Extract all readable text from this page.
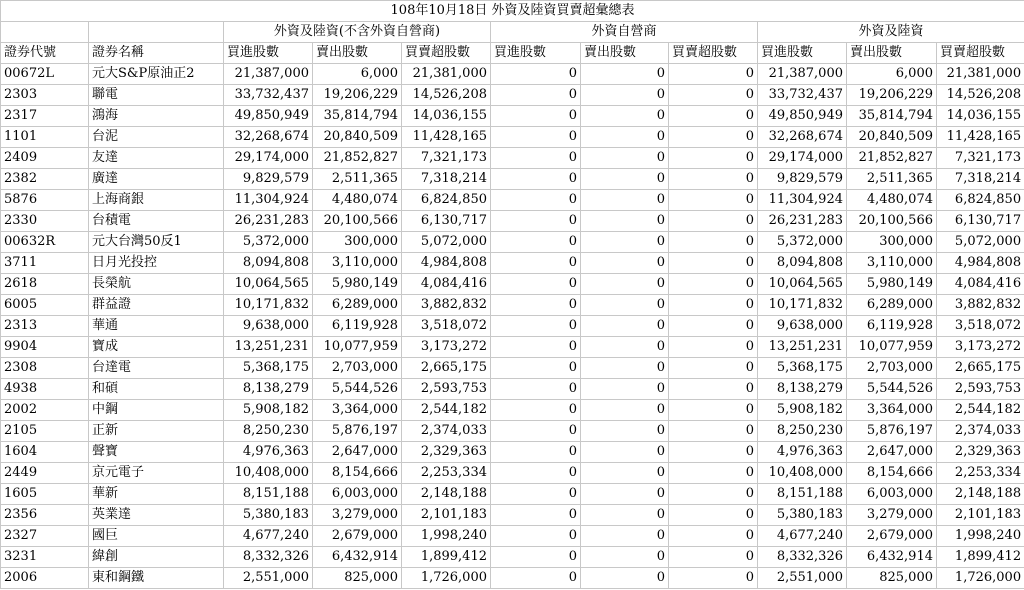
108年10月18日 外資及陸資買賣超彙總表										
		外資及陸資(不含外資自營商)			外資自營商			外資及陸資		
證券代號	證券名稱	買進股數	賣出股數	買賣超股數	買進股數	賣出股數	買賣超股數	買進股數	賣出股數	買賣超股數
00672L	元大S&P原油正2	21,387,000	6,000	21,381,000	0	0	0	21,387,000	6,000	21,381,000
2303	聯電	33,732,437	19,206,229	14,526,208	0	0	0	33,732,437	19,206,229	14,526,208
2317	鴻海	49,850,949	35,814,794	14,036,155	0	0	0	49,850,949	35,814,794	14,036,155
1101	台泥	32,268,674	20,840,509	11,428,165	0	0	0	32,268,674	20,840,509	11,428,165
2409	友達	29,174,000	21,852,827	7,321,173	0	0	0	29,174,000	21,852,827	7,321,173
2382	廣達	9,829,579	2,511,365	7,318,214	0	0	0	9,829,579	2,511,365	7,318,214
5876	上海商銀	11,304,924	4,480,074	6,824,850	0	0	0	11,304,924	4,480,074	6,824,850
2330	台積電	26,231,283	20,100,566	6,130,717	0	0	0	26,231,283	20,100,566	6,130,717
00632R	元大台灣50反1	5,372,000	300,000	5,072,000	0	0	0	5,372,000	300,000	5,072,000
3711	日月光投控	8,094,808	3,110,000	4,984,808	0	0	0	8,094,808	3,110,000	4,984,808
2618	長榮航	10,064,565	5,980,149	4,084,416	0	0	0	10,064,565	5,980,149	4,084,416
6005	群益證	10,171,832	6,289,000	3,882,832	0	0	0	10,171,832	6,289,000	3,882,832
2313	華通	9,638,000	6,119,928	3,518,072	0	0	0	9,638,000	6,119,928	3,518,072
9904	寶成	13,251,231	10,077,959	3,173,272	0	0	0	13,251,231	10,077,959	3,173,272
2308	台達電	5,368,175	2,703,000	2,665,175	0	0	0	5,368,175	2,703,000	2,665,175
4938	和碩	8,138,279	5,544,526	2,593,753	0	0	0	8,138,279	5,544,526	2,593,753
2002	中鋼	5,908,182	3,364,000	2,544,182	0	0	0	5,908,182	3,364,000	2,544,182
2105	正新	8,250,230	5,876,197	2,374,033	0	0	0	8,250,230	5,876,197	2,374,033
1604	聲寶	4,976,363	2,647,000	2,329,363	0	0	0	4,976,363	2,647,000	2,329,363
2449	京元電子	10,408,000	8,154,666	2,253,334	0	0	0	10,408,000	8,154,666	2,253,334
1605	華新	8,151,188	6,003,000	2,148,188	0	0	0	8,151,188	6,003,000	2,148,188
2356	英業達	5,380,183	3,279,000	2,101,183	0	0	0	5,380,183	3,279,000	2,101,183
2327	國巨	4,677,240	2,679,000	1,998,240	0	0	0	4,677,240	2,679,000	1,998,240
3231	緯創	8,332,326	6,432,914	1,899,412	0	0	0	8,332,326	6,432,914	1,899,412
2006	東和鋼鐵	2,551,000	825,000	1,726,000	0	0	0	2,551,000	825,000	1,726,000
